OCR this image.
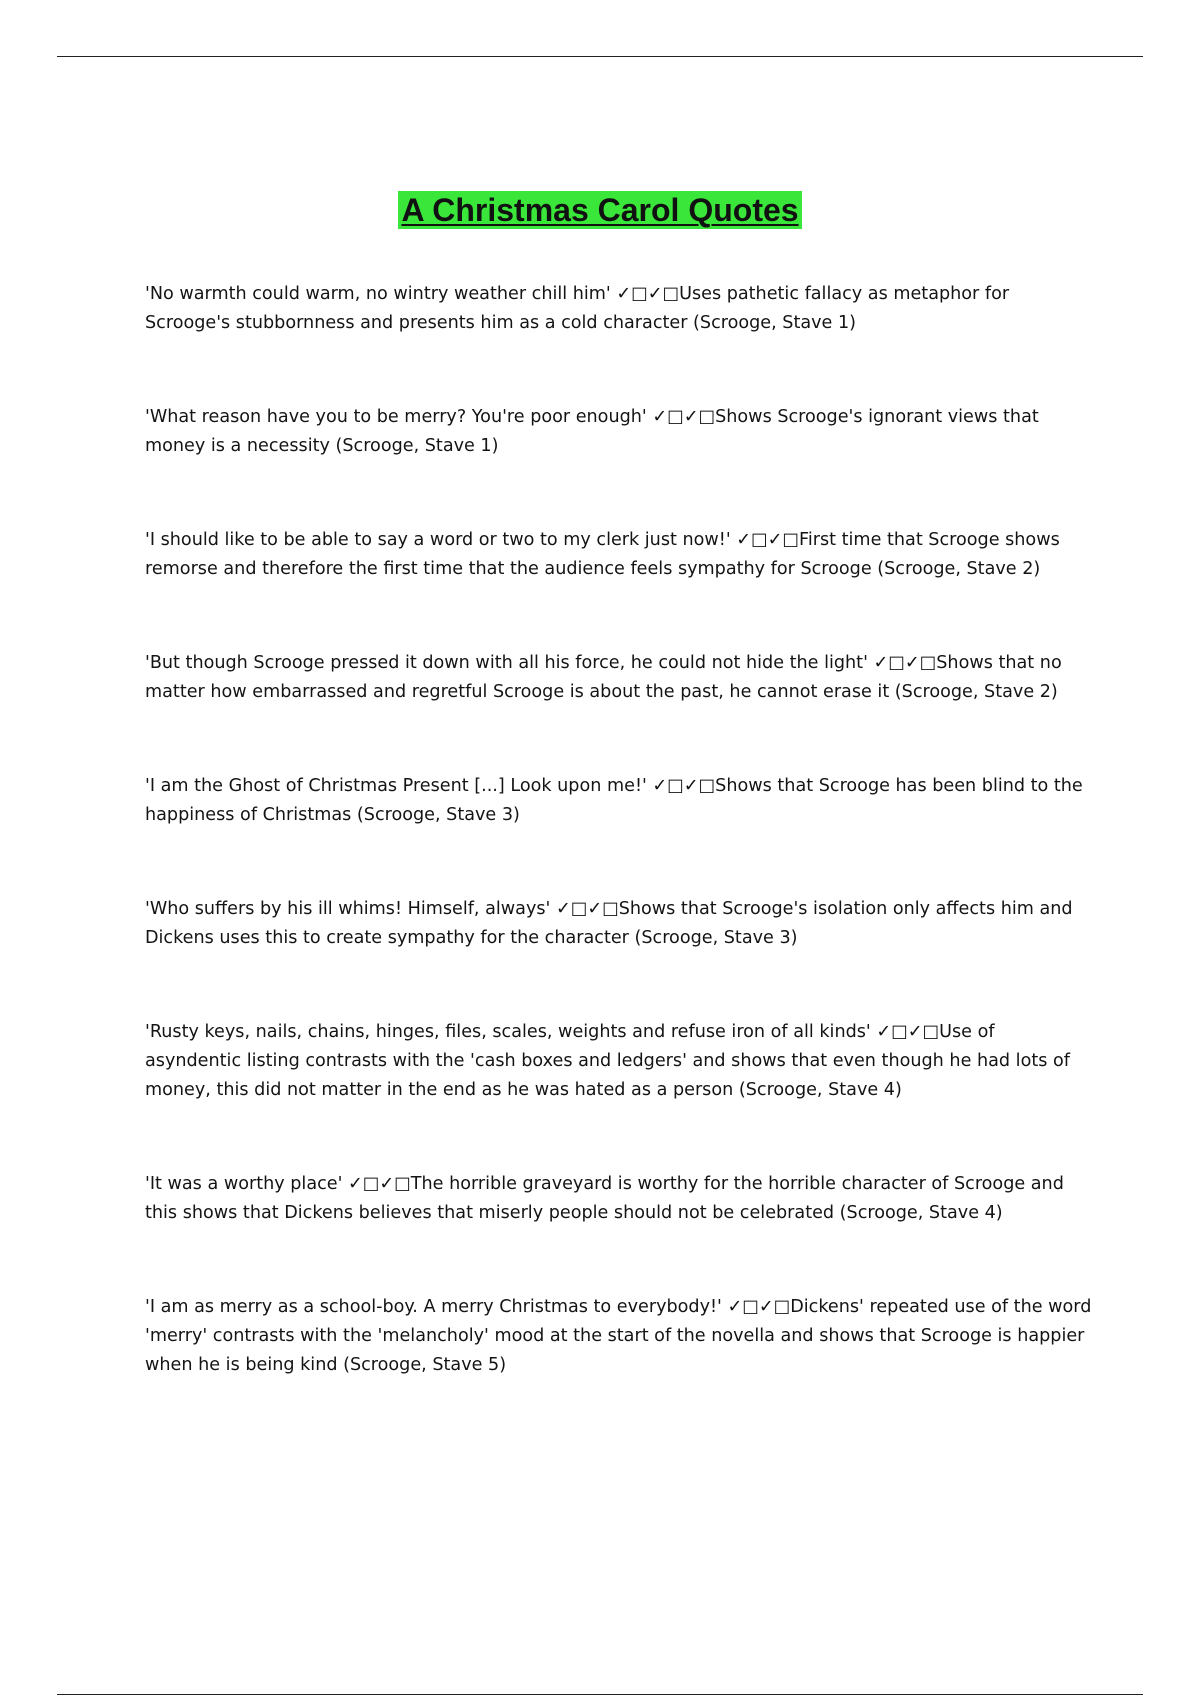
A Christmas Carol Quotes

'No warmth could warm, no wintry weather chill him' ✓□✓□Uses pathetic fallacy as metaphor for Scrooge's stubbornness and presents him as a cold character (Scrooge, Stave 1)

'What reason have you to be merry? You're poor enough' ✓□✓□Shows Scrooge's ignorant views that money is a necessity (Scrooge, Stave 1)

'I should like to be able to say a word or two to my clerk just now!' ✓□✓□First time that Scrooge shows remorse and therefore the first time that the audience feels sympathy for Scrooge (Scrooge, Stave 2)

'But though Scrooge pressed it down with all his force, he could not hide the light' ✓□✓□Shows that no matter how embarrassed and regretful Scrooge is about the past, he cannot erase it (Scrooge, Stave 2)

'I am the Ghost of Christmas Present [...] Look upon me!' ✓□✓□Shows that Scrooge has been blind to the happiness of Christmas (Scrooge, Stave 3)

'Who suffers by his ill whims! Himself, always' ✓□✓□Shows that Scrooge's isolation only affects him and Dickens uses this to create sympathy for the character (Scrooge, Stave 3)

'Rusty keys, nails, chains, hinges, files, scales, weights and refuse iron of all kinds' ✓□✓□Use of asyndentic listing contrasts with the 'cash boxes and ledgers' and shows that even though he had lots of money, this did not matter in the end as he was hated as a person (Scrooge, Stave 4)

'It was a worthy place' ✓□✓□The horrible graveyard is worthy for the horrible character of Scrooge and this shows that Dickens believes that miserly people should not be celebrated (Scrooge, Stave 4)

'I am as merry as a school-boy. A merry Christmas to everybody!' ✓□✓□Dickens' repeated use of the word 'merry' contrasts with the 'melancholy' mood at the start of the novella and shows that Scrooge is happier when he is being kind (Scrooge, Stave 5)
